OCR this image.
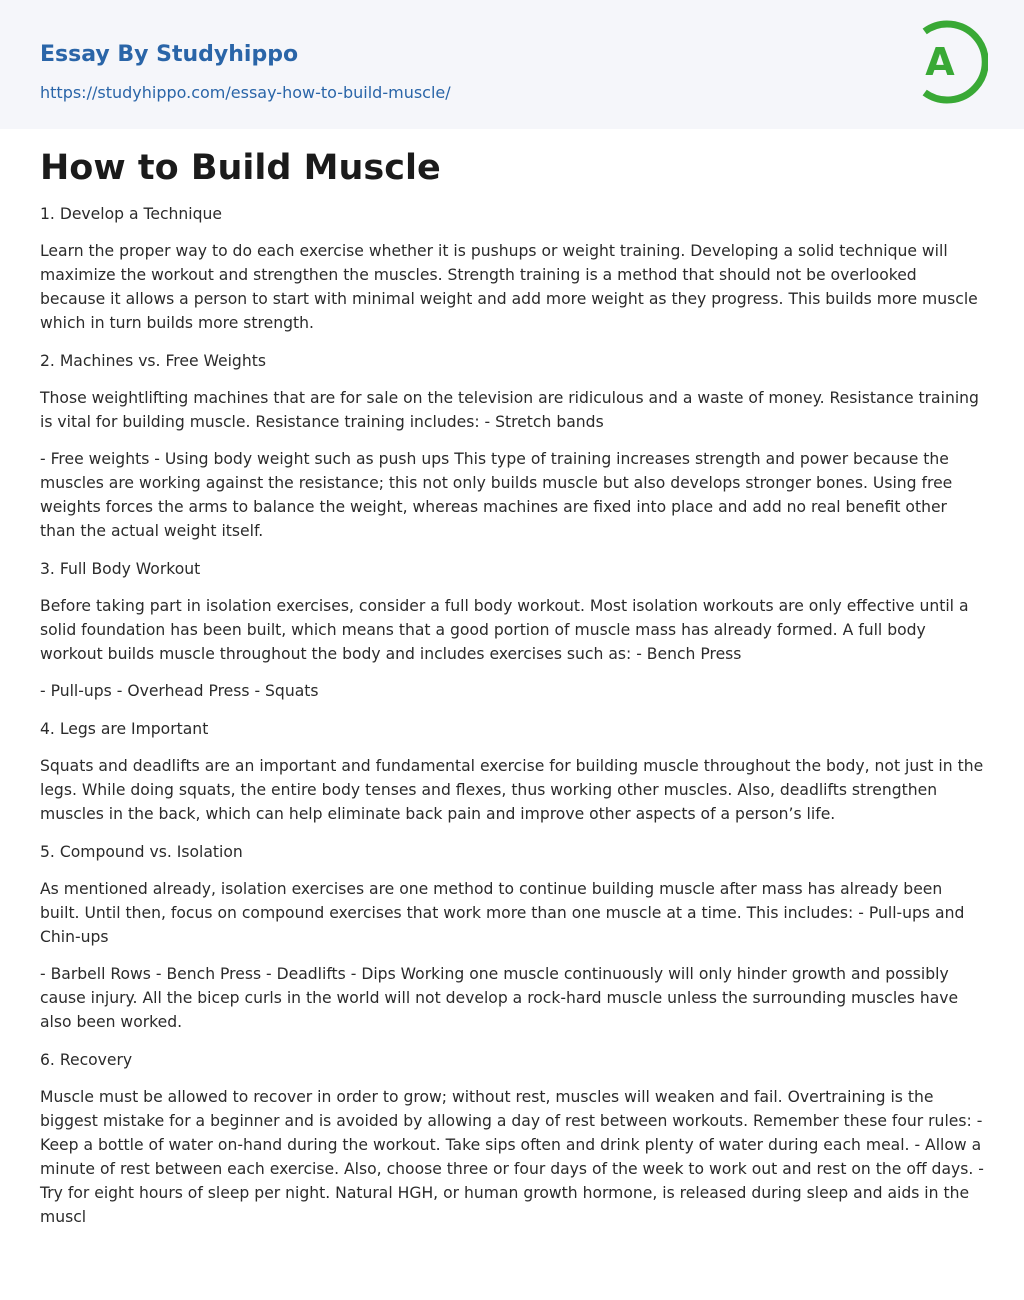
Essay By Studyhippo
https://studyhippo.com/essay-how-to-build-muscle/
A
How to Build Muscle

1. Develop a Technique

Learn the proper way to do each exercise whether it is pushups or weight training. Developing a solid technique will maximize the workout and strengthen the muscles. Strength training is a method that should not be overlooked because it allows a person to start with minimal weight and add more weight as they progress. This builds more muscle which in turn builds more strength.

2. Machines vs. Free Weights

Those weightlifting machines that are for sale on the television are ridiculous and a waste of money. Resistance training is vital for building muscle. Resistance training includes: - Stretch bands

- Free weights - Using body weight such as push ups This type of training increases strength and power because the muscles are working against the resistance; this not only builds muscle but also develops stronger bones. Using free weights forces the arms to balance the weight, whereas machines are fixed into place and add no real benefit other than the actual weight itself.

3. Full Body Workout

Before taking part in isolation exercises, consider a full body workout. Most isolation workouts are only effective until a solid foundation has been built, which means that a good portion of muscle mass has already formed. A full body workout builds muscle throughout the body and includes exercises such as: - Bench Press

- Pull-ups - Overhead Press - Squats

4. Legs are Important

Squats and deadlifts are an important and fundamental exercise for building muscle throughout the body, not just in the legs. While doing squats, the entire body tenses and flexes, thus working other muscles. Also, deadlifts strengthen muscles in the back, which can help eliminate back pain and improve other aspects of a person’s life.

5. Compound vs. Isolation

As mentioned already, isolation exercises are one method to continue building muscle after mass has already been built. Until then, focus on compound exercises that work more than one muscle at a time. This includes: - Pull-ups and Chin-ups

- Barbell Rows - Bench Press - Deadlifts - Dips Working one muscle continuously will only hinder growth and possibly cause injury. All the bicep curls in the world will not develop a rock-hard muscle unless the surrounding muscles have also been worked.

6. Recovery

Muscle must be allowed to recover in order to grow; without rest, muscles will weaken and fail. Overtraining is the biggest mistake for a beginner and is avoided by allowing a day of rest between workouts. Remember these four rules: - Keep a bottle of water on-hand during the workout. Take sips often and drink plenty of water during each meal. - Allow a minute of rest between each exercise. Also, choose three or four days of the week to work out and rest on the off days. - Try for eight hours of sleep per night. Natural HGH, or human growth hormone, is released during sleep and aids in the muscl
